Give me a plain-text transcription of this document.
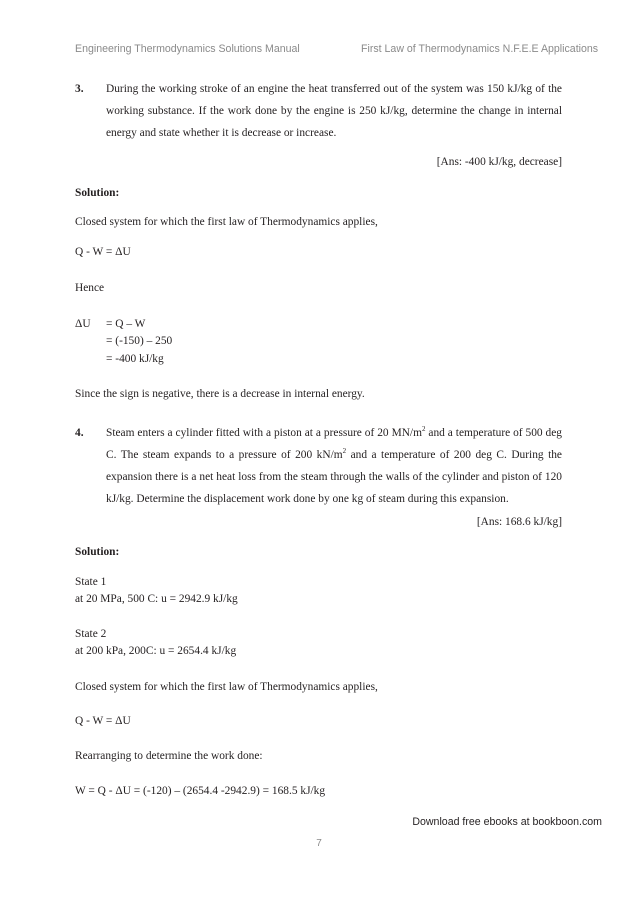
Engineering Thermodynamics Solutions Manual	First Law of Thermodynamics N.F.E.E Applications
3. During the working stroke of an engine the heat transferred out of the system was 150 kJ/kg of the working substance. If the work done by the engine is 250 kJ/kg, determine the change in internal energy and state whether it is decrease or increase.
[Ans: -400 kJ/kg, decrease]
Solution:
Closed system for which the first law of Thermodynamics applies,
Q - W = ΔU
Hence
ΔU = Q – W
= (-150) – 250
= -400 kJ/kg
Since the sign is negative, there is a decrease in internal energy.
4. Steam enters a cylinder fitted with a piston at a pressure of 20 $MN/m^2$ and a temperature of 500 deg C. The steam expands to a pressure of 200 $kN/m^2$ and a temperature of 200 deg C. During the expansion there is a net heat loss from the steam through the walls of the cylinder and piston of 120 kJ/kg. Determine the displacement work done by one kg of steam during this expansion.
[Ans: 168.6 kJ/kg]
Solution:
State 1
at 20 MPa, 500 C: u = 2942.9 kJ/kg
State 2
at 200 kPa, 200C: u = 2654.4 kJ/kg
Closed system for which the first law of Thermodynamics applies,
Q - W = ΔU
Rearranging to determine the work done:
W = Q - ΔU = (-120) – (2654.4 -2942.9) = 168.5 kJ/kg
Download free ebooks at bookboon.com
7
